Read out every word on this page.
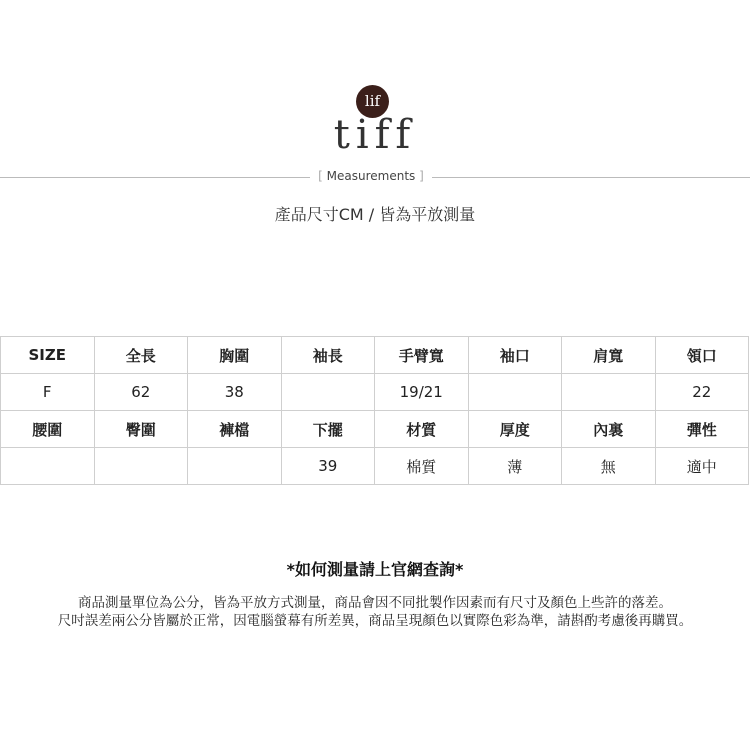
lif
tiff
[ Measurements ]
產品尺寸CM / 皆為平放測量
SIZE	全長	胸圍	袖長	手臂寬	袖口	肩寬	領口
F	62	38		19/21			22
腰圍	臀圍	褲檔	下擺	材質	厚度	內裏	彈性
			39	棉質	薄	無	適中
*如何測量請上官網查詢*
商品測量單位為公分，皆為平放方式測量，商品會因不同批製作因素而有尺寸及顏色上些許的落差。
尺吋誤差兩公分皆屬於正常，因電腦螢幕有所差異，商品呈現顏色以實際色彩為準，請斟酌考慮後再購買。
